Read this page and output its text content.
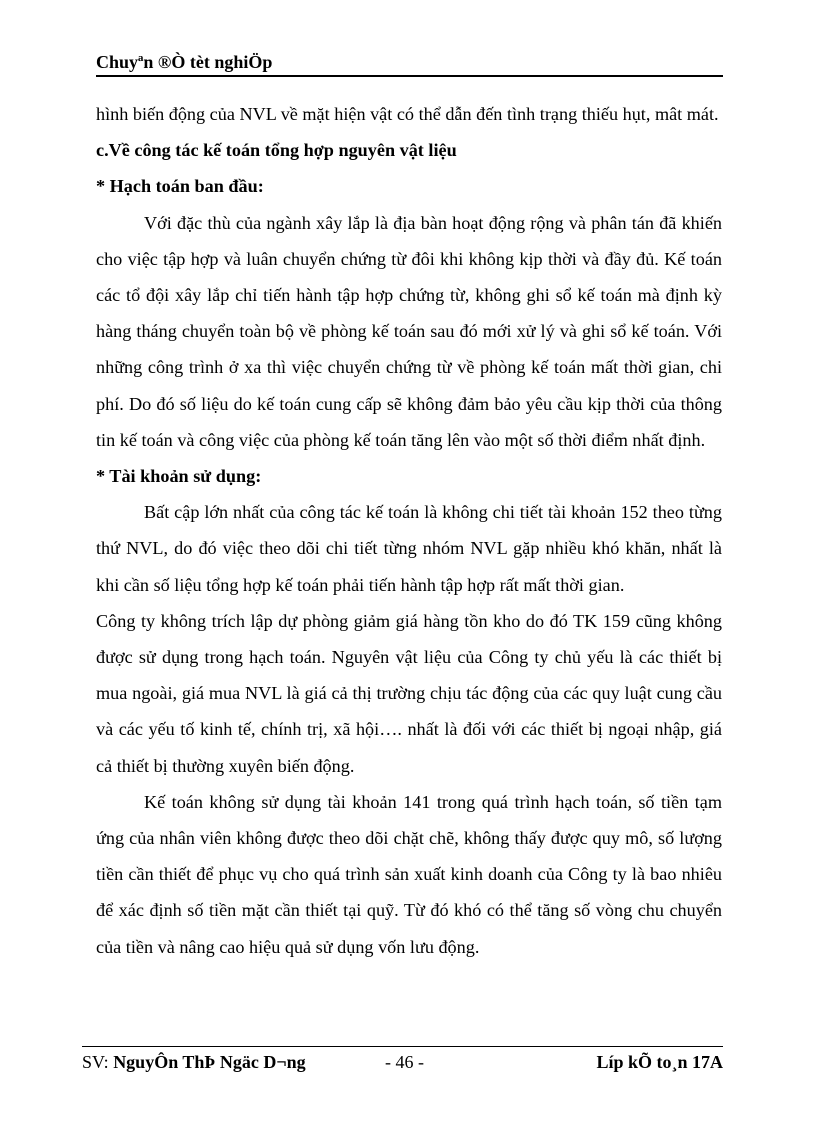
Chuyªn ®Ò tèt nghiÖp

hình biến động của NVL về mặt hiện vật có thể dẫn đến tình trạng thiếu hụt, mât mát.

c.Về công tác kế toán tổng hợp nguyên vật liệu

* Hạch toán ban đầu:

Với đặc thù của ngành xây lắp là địa bàn hoạt động rộng và phân tán đã khiến cho việc tập hợp và luân chuyển chứng từ đôi khi không kịp thời và đầy đủ. Kế toán các tổ đội xây lắp chỉ tiến hành tập hợp chứng từ, không ghi sổ kế toán mà định kỳ hàng tháng chuyển toàn bộ về phòng kế toán sau đó mới xử lý và ghi sổ kế toán. Với những công trình ở xa thì việc chuyển chứng từ về phòng kế toán mất thời gian, chi phí. Do đó số liệu do kế toán cung cấp sẽ không đảm bảo yêu cầu kịp thời của thông tin kế toán và công việc của phòng kế toán tăng lên vào một số thời điểm nhất định.

* Tài khoản sử dụng:

Bất cập lớn nhất của công tác kế toán là không chi tiết tài khoản 152 theo từng thứ NVL, do đó việc theo dõi chi tiết từng nhóm NVL gặp nhiều khó khăn, nhất là khi cần số liệu tổng hợp kế toán phải tiến hành tập hợp rất mất thời gian.

Công ty không trích lập dự phòng giảm giá hàng tồn kho do đó TK 159 cũng không được sử dụng trong hạch toán. Nguyên vật liệu của Công ty chủ yếu là các thiết bị mua ngoài, giá mua NVL là giá cả thị trường chịu tác động của các quy luật cung cầu và các yếu tố kinh tế, chính trị, xã hội…. nhất là đối với các thiết bị ngoại nhập, giá cả thiết bị thường xuyên biến động.

Kế toán không sử dụng tài khoản 141 trong quá trình hạch toán, số tiền tạm ứng của nhân viên không được theo dõi chặt chẽ, không thấy được quy mô, số lượng tiền cần thiết để phục vụ cho quá trình sản xuất kinh doanh của Công ty là bao nhiêu để xác định số tiền mặt cần thiết tại quỹ. Từ đó khó có thể tăng số vòng chu chuyển của tiền và nâng cao hiệu quả sử dụng vốn lưu động.

SV: NguyÔn ThÞ Ngäc D¬ng	- 46 -	Líp kÕ to¸n 17A
